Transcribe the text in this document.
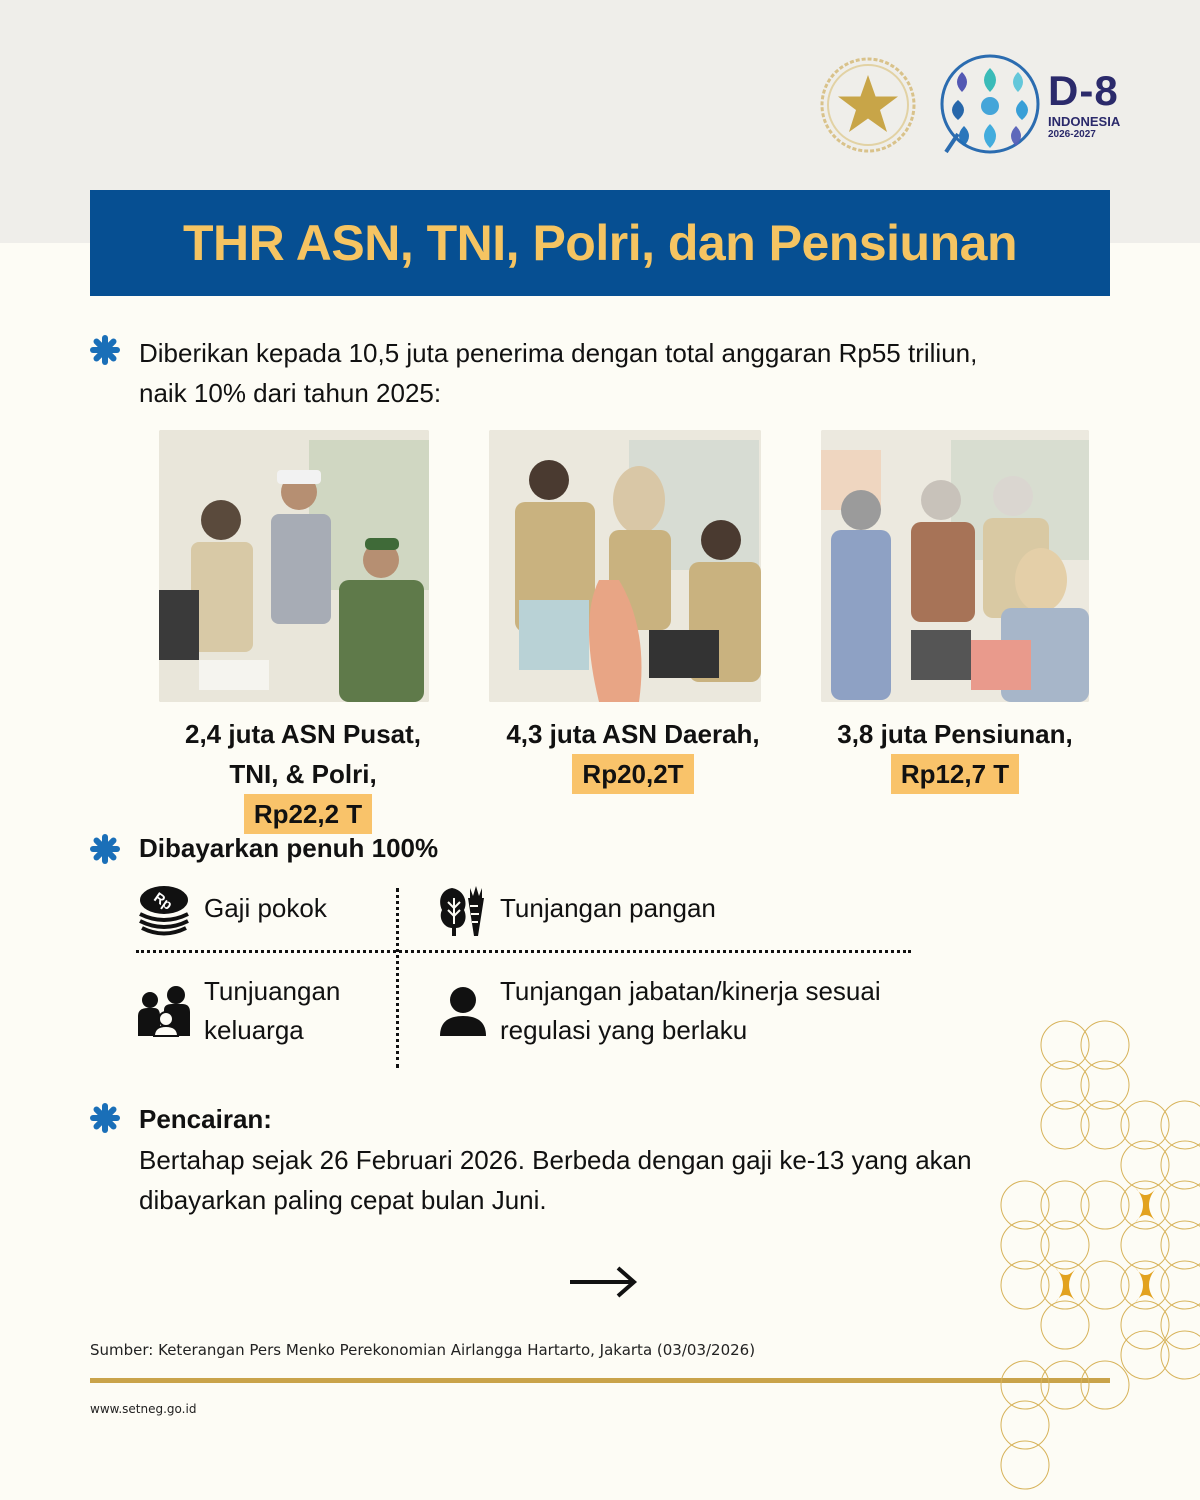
D-8
INDONESIA
2026-2027
THR ASN, TNI, Polri, dan Pensiunan
Diberikan kepada 10,5 juta penerima dengan total anggaran Rp55 triliun,
naik 10% dari tahun 2025:
2,4 juta ASN Pusat,
TNI, & Polri, Rp22,2 T
4,3 juta ASN Daerah,
Rp20,2T
3,8 juta Pensiunan,
Rp12,7 T
Dibayarkan penuh 100%
Rp Gaji pokok	Tunjangan pangan
Tunjuangan
keluarga
Tunjangan jabatan/kinerja sesuai
regulasi yang berlaku
Pencairan:
Bertahap sejak 26 Februari 2026. Berbeda dengan gaji ke-13 yang akan
dibayarkan paling cepat bulan Juni.
Sumber: Keterangan Pers Menko Perekonomian Airlangga Hartarto, Jakarta (03/03/2026)
www.setneg.go.id
